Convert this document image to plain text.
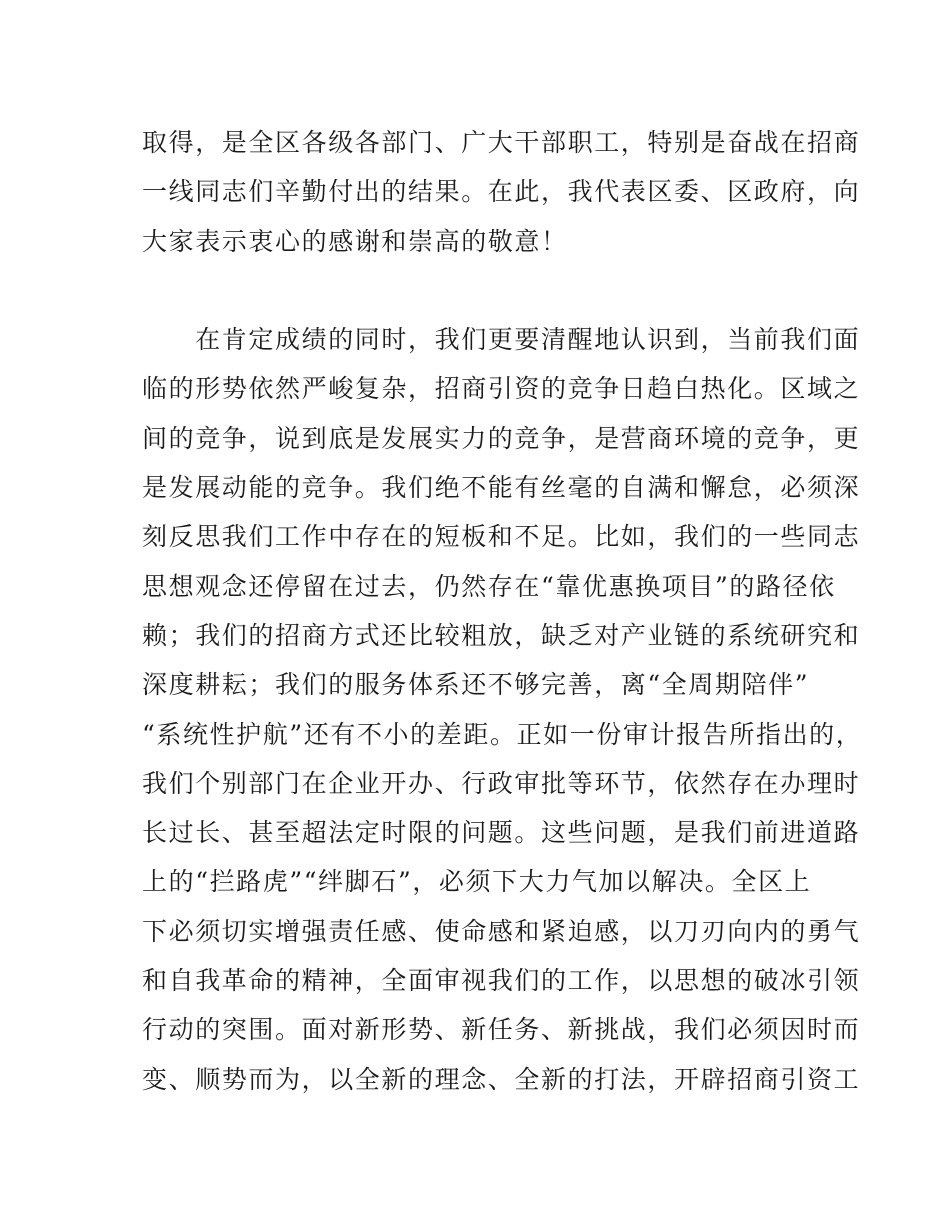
取得，是全区各级各部门、广大干部职工，特别是奋战在招商
一线同志们辛勤付出的结果。在此，我代表区委、区政府，向
大家表示衷心的感谢和崇高的敬意！
　　在肯定成绩的同时，我们更要清醒地认识到，当前我们面
临的形势依然严峻复杂，招商引资的竞争日趋白热化。区域之
间的竞争，说到底是发展实力的竞争，是营商环境的竞争，更
是发展动能的竞争。我们绝不能有丝毫的自满和懈怠，必须深
刻反思我们工作中存在的短板和不足。比如，我们的一些同志
思想观念还停留在过去，仍然存在“靠优惠换项目”的路径依
赖；我们的招商方式还比较粗放，缺乏对产业链的系统研究和
深度耕耘；我们的服务体系还不够完善，离“全周期陪伴”
“系统性护航”还有不小的差距。正如一份审计报告所指出的，
我们个别部门在企业开办、行政审批等环节，依然存在办理时
长过长、甚至超法定时限的问题。这些问题，是我们前进道路
上的“拦路虎”“绊脚石”，必须下大力气加以解决。全区上
下必须切实增强责任感、使命感和紧迫感，以刀刃向内的勇气
和自我革命的精神，全面审视我们的工作，以思想的破冰引领
行动的突围。面对新形势、新任务、新挑战，我们必须因时而
变、顺势而为，以全新的理念、全新的打法，开辟招商引资工
